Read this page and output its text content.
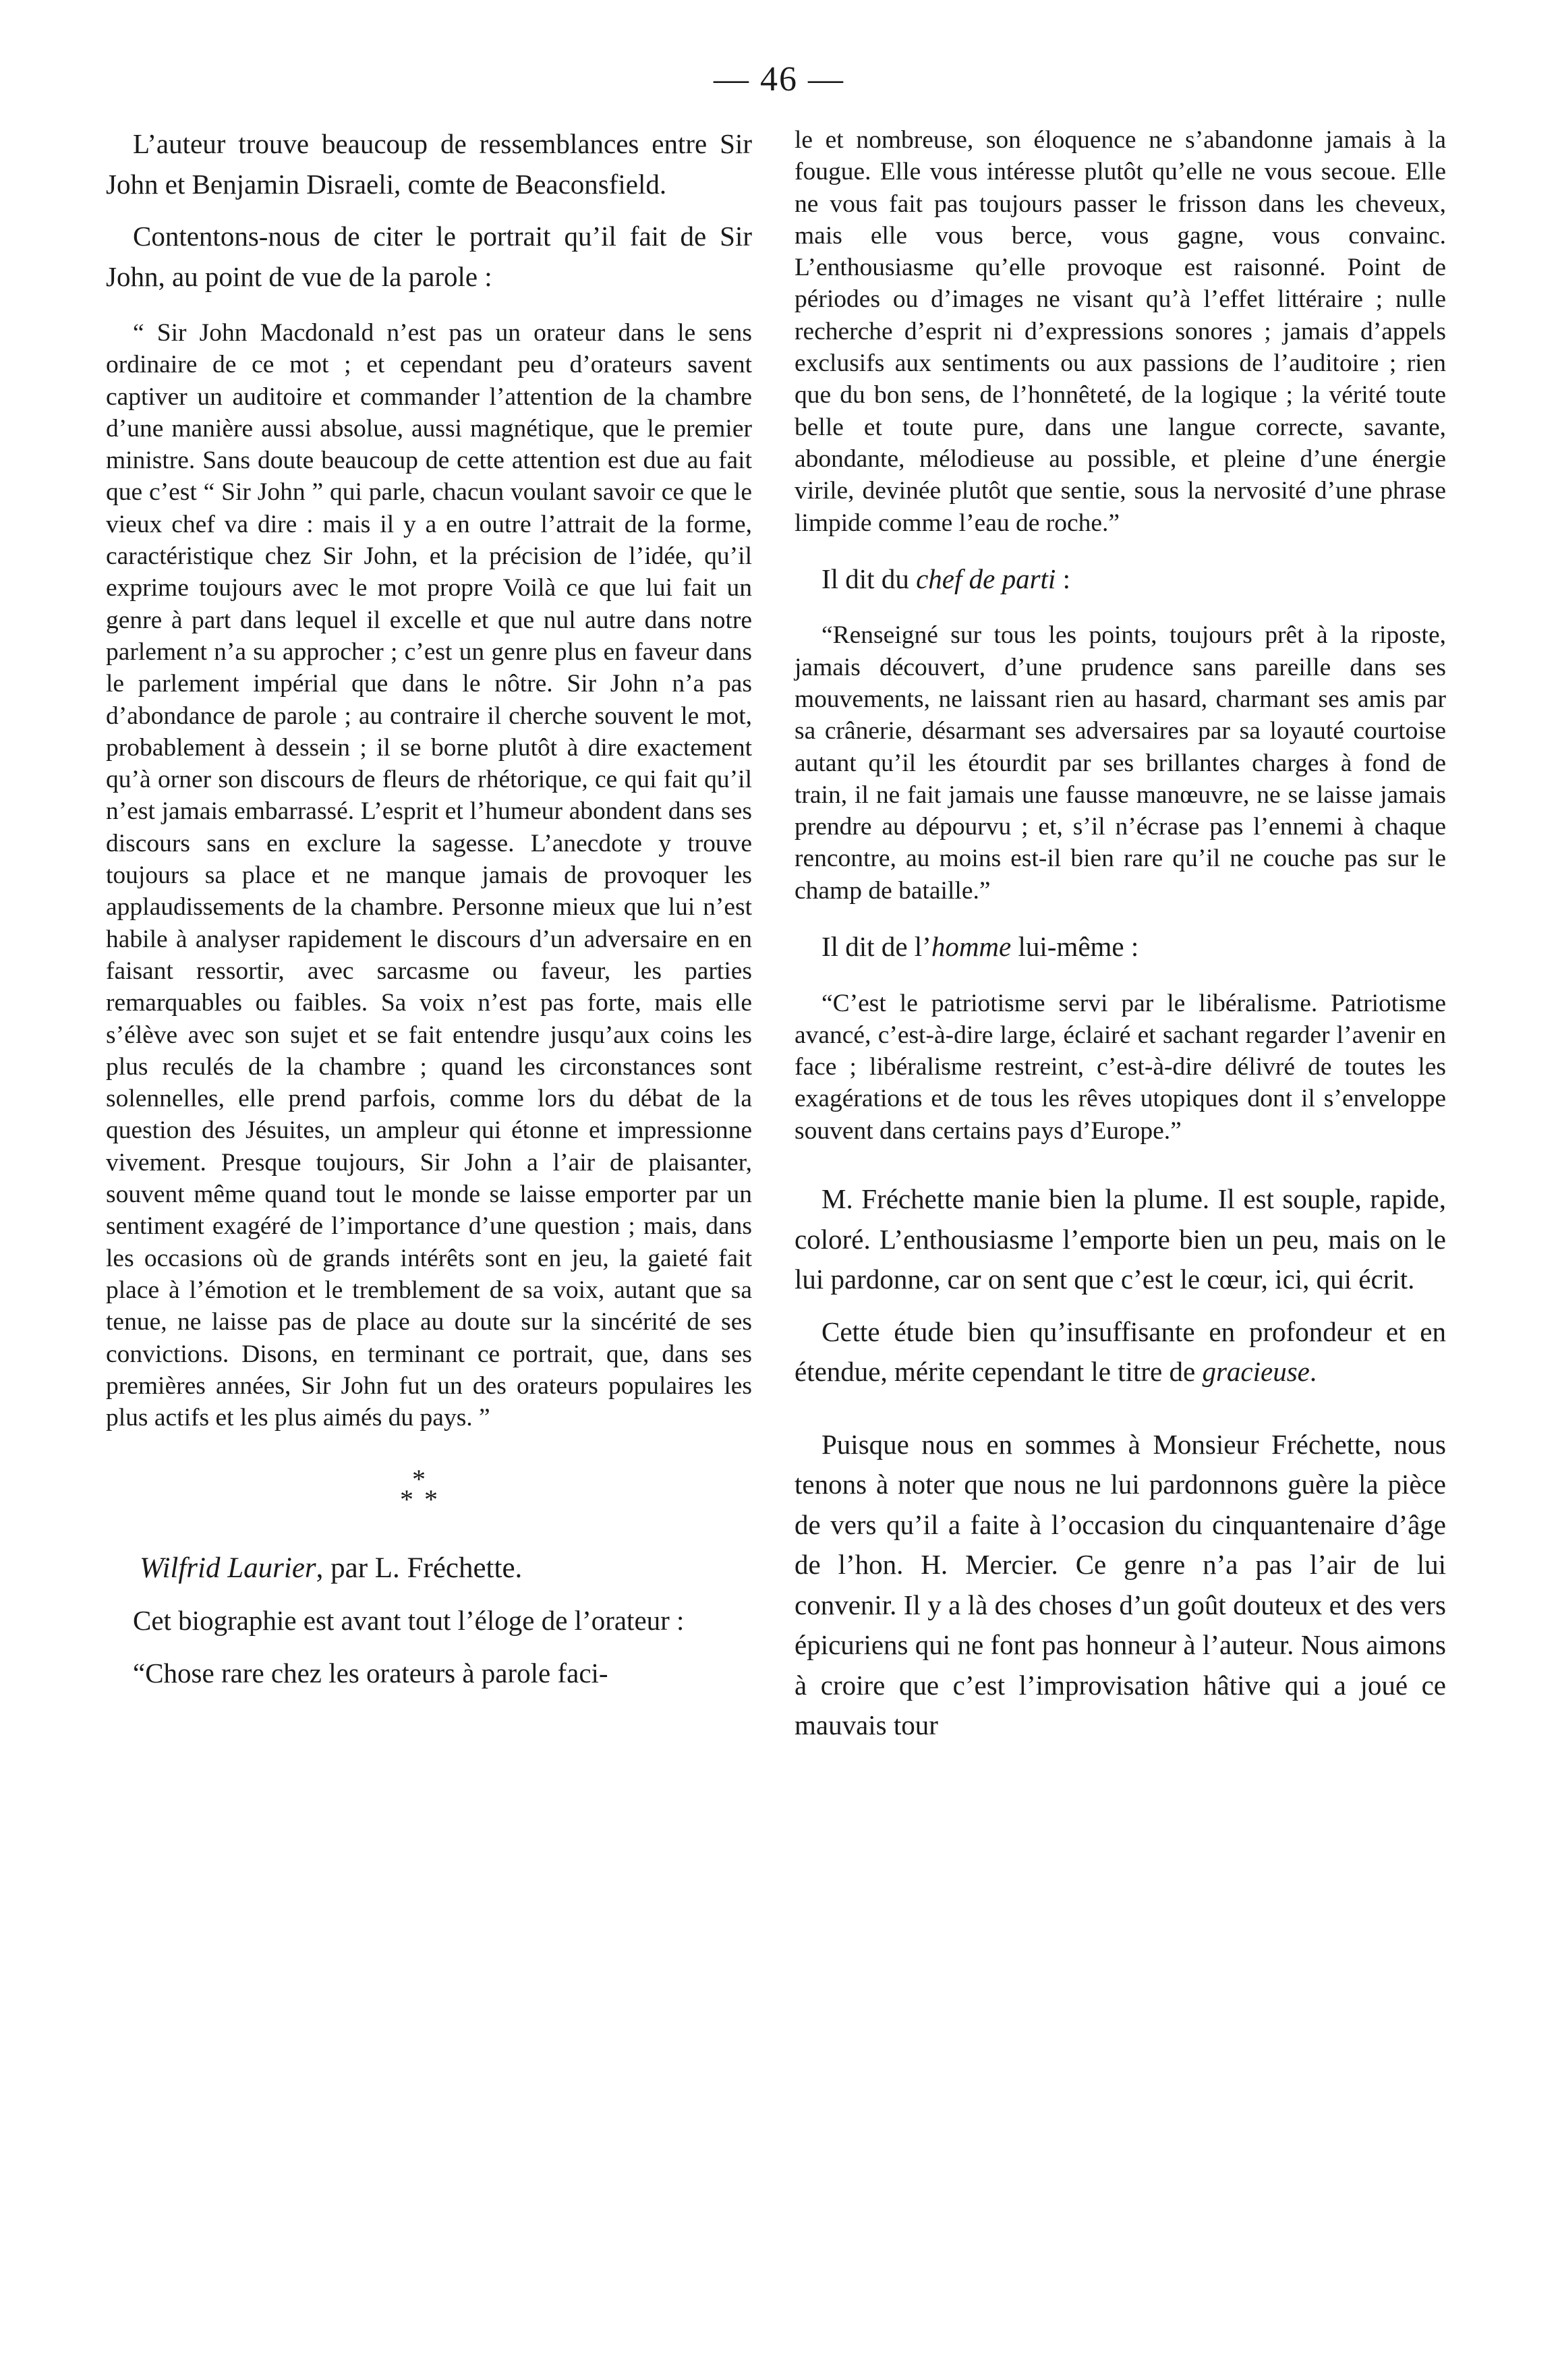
— 46 —

L’auteur trouve beaucoup de ressemblances entre Sir John et Benjamin Disraeli, comte de Beaconsfield.

Contentons-nous de citer le portrait qu’il fait de Sir John, au point de vue de la parole :

“ Sir John Macdonald n’est pas un orateur dans le sens ordinaire de ce mot ; et cependant peu d’orateurs savent captiver un auditoire et commander l’attention de la chambre d’une manière aussi absolue, aussi magnétique, que le premier ministre. Sans doute beaucoup de cette attention est due au fait que c’est “ Sir John ” qui parle, chacun voulant savoir ce que le vieux chef va dire : mais il y a en outre l’attrait de la forme, caractéristique chez Sir John, et la précision de l’idée, qu’il exprime toujours avec le mot propre Voilà ce que lui fait un genre à part dans lequel il excelle et que nul autre dans notre parlement n’a su approcher ; c’est un genre plus en faveur dans le parlement impérial que dans le nôtre. Sir John n’a pas d’abondance de parole ; au contraire il cherche souvent le mot, probablement à dessein ; il se borne plutôt à dire exactement qu’à orner son discours de fleurs de rhétorique, ce qui fait qu’il n’est jamais embarrassé. L’esprit et l’humeur abondent dans ses discours sans en exclure la sagesse. L’anecdote y trouve toujours sa place et ne manque jamais de provoquer les applaudissements de la chambre. Personne mieux que lui n’est habile à analyser rapidement le discours d’un adversaire en en faisant ressortir, avec sarcasme ou faveur, les parties remarquables ou faibles. Sa voix n’est pas forte, mais elle s’élève avec son sujet et se fait entendre jusqu’aux coins les plus reculés de la chambre ; quand les circonstances sont solennelles, elle prend parfois, comme lors du débat de la question des Jésuites, un ampleur qui étonne et impressionne vivement. Presque toujours, Sir John a l’air de plaisanter, souvent même quand tout le monde se laisse emporter par un sentiment exagéré de l’importance d’une question ; mais, dans les occasions où de grands intérêts sont en jeu, la gaieté fait place à l’émotion et le tremblement de sa voix, autant que sa tenue, ne laisse pas de place au doute sur la sincérité de ses convictions. Disons, en terminant ce portrait, que, dans ses premières années, Sir John fut un des orateurs populaires les plus actifs et les plus aimés du pays. ”

*
* *

Wilfrid Laurier, par L. Fréchette.

Cet biographie est avant tout l’éloge de l’orateur :

“Chose rare chez les orateurs à parole faci-

le et nombreuse, son éloquence ne s’abandonne jamais à la fougue. Elle vous intéresse plutôt qu’elle ne vous secoue. Elle ne vous fait pas toujours passer le frisson dans les cheveux, mais elle vous berce, vous gagne, vous convainc. L’enthousiasme qu’elle provoque est raisonné. Point de périodes ou d’images ne visant qu’à l’effet littéraire ; nulle recherche d’esprit ni d’expressions sonores ; jamais d’appels exclusifs aux sentiments ou aux passions de l’auditoire ; rien que du bon sens, de l’honnêteté, de la logique ; la vérité toute belle et toute pure, dans une langue correcte, savante, abondante, mélodieuse au possible, et pleine d’une énergie virile, devinée plutôt que sentie, sous la nervosité d’une phrase limpide comme l’eau de roche.”

Il dit du chef de parti :

“Renseigné sur tous les points, toujours prêt à la riposte, jamais découvert, d’une prudence sans pareille dans ses mouvements, ne laissant rien au hasard, charmant ses amis par sa crânerie, désarmant ses adversaires par sa loyauté courtoise autant qu’il les étourdit par ses brillantes charges à fond de train, il ne fait jamais une fausse manœuvre, ne se laisse jamais prendre au dépourvu ; et, s’il n’écrase pas l’ennemi à chaque rencontre, au moins est-il bien rare qu’il ne couche pas sur le champ de bataille.”

Il dit de l’homme lui-même :

“C’est le patriotisme servi par le libéralisme. Patriotisme avancé, c’est-à-dire large, éclairé et sachant regarder l’avenir en face ; libéralisme restreint, c’est-à-dire délivré de toutes les exagérations et de tous les rêves utopiques dont il s’enveloppe souvent dans certains pays d’Europe.”

M. Fréchette manie bien la plume. Il est souple, rapide, coloré. L’enthousiasme l’emporte bien un peu, mais on le lui pardonne, car on sent que c’est le cœur, ici, qui écrit.

Cette étude bien qu’insuffisante en profondeur et en étendue, mérite cependant le titre de gracieuse.

Puisque nous en sommes à Monsieur Fréchette, nous tenons à noter que nous ne lui pardonnons guère la pièce de vers qu’il a faite à l’occasion du cinquantenaire d’âge de l’hon. H. Mercier. Ce genre n’a pas l’air de lui convenir. Il y a là des choses d’un goût douteux et des vers épicuriens qui ne font pas honneur à l’auteur. Nous aimons à croire que c’est l’improvisation hâtive qui a joué ce mauvais tour
